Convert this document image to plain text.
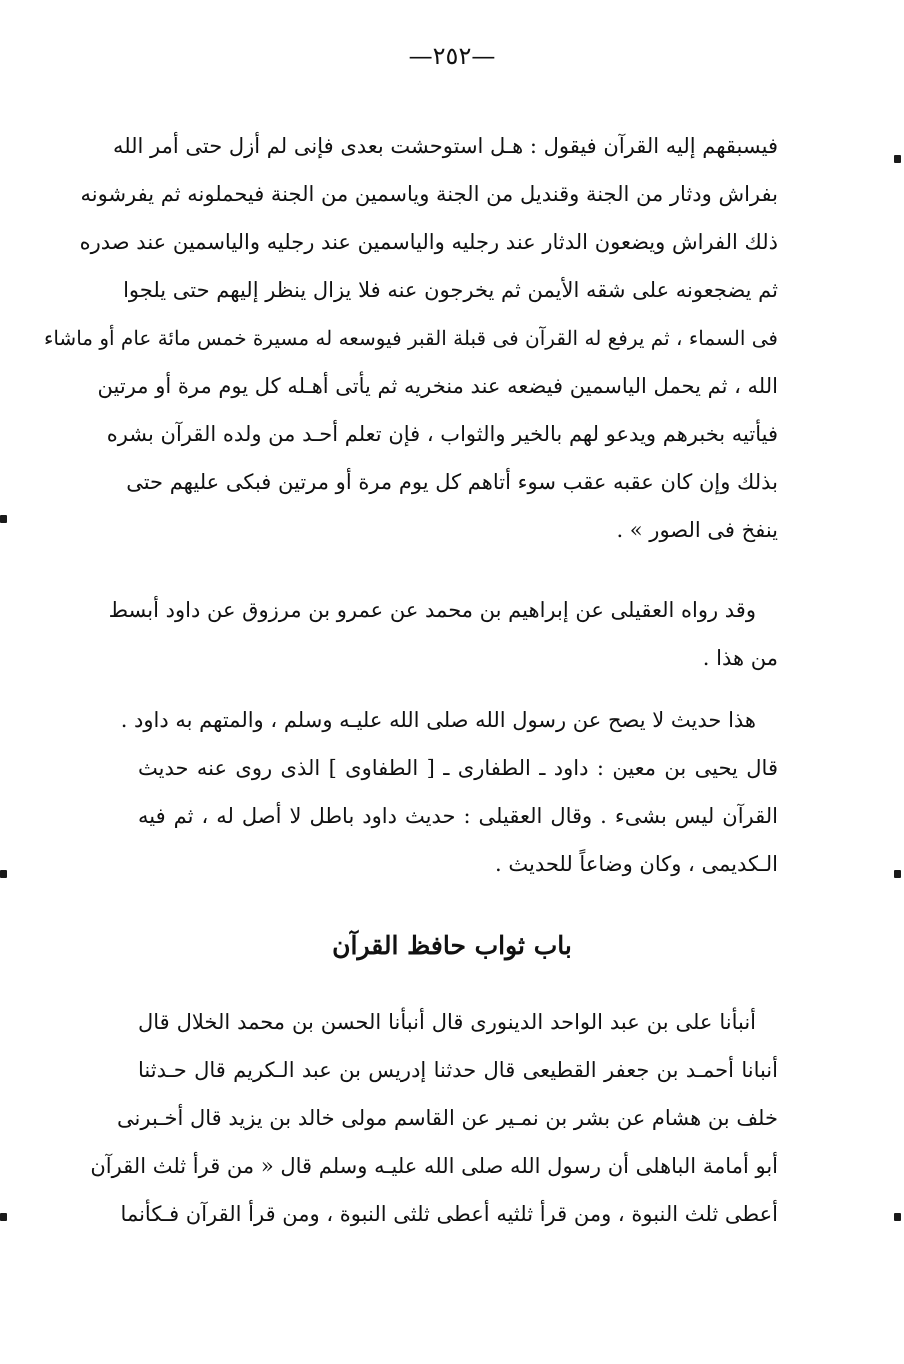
—٢٥٢—
فيسبقهم إليه القرآن فيقول : هـل استوحشت بعدى فإنى لم أزل حتى أمر الله
بفراش ودثار من الجنة وقنديل من الجنة وياسمين من الجنة فيحملونه ثم يفرشونه
ذلك الفراش ويضعون الدثار عند رجليه والياسمين عند رجليه والياسمين عند صدره
ثم يضجعونه على شقه الأيمن ثم يخرجون عنه فلا يزال ينظر إليهم حتى يلجوا
فى السماء ، ثم يرفع له القرآن فى قبلة القبر فيوسعه له مسيرة خمس مائة عام أو ماشاء
الله ، ثم يحمل الياسمين فيضعه عند منخريه ثم يأتى أهـله كل يوم مرة أو مرتين
فيأتيه بخبرهم ويدعو لهم بالخير والثواب ، فإن تعلم أحـد من ولده القرآن بشره
بذلك وإن كان عقبه عقب سوء أتاهم كل يوم مرة أو مرتين فبكى عليهم حتى
ينفخ فى الصور » .
وقد رواه العقيلى عن إبراهيم بن محمد عن عمرو بن مرزوق عن داود أبسط
من هذا .
هذا حديث لا يصح عن رسول الله صلى الله عليـه وسلم ، والمتهم به داود .
قال يحيى بن معين : داود ـ الطفارى ـ [ الطفاوى ] الذى روى عنه حديث
القرآن ليس بشىء . وقال العقيلى : حديث داود باطل لا أصل له ، ثم فيه
الـكديمى ، وكان وضاعاً للحديث .
باب ثواب حافظ القرآن
أنبأنا على بن عبد الواحد الدينورى قال أنبأنا الحسن بن محمد الخلال قال
أنبانا أحمـد بن جعفر القطيعى قال حدثنا إدريس بن عبد الـكريم قال حـدثنا
خلف بن هشام عن بشر بن نمـير عن القاسم مولى خالد بن يزيد قال أخـبرنى
أبو أمامة الباهلى أن رسول الله صلى الله عليـه وسلم قال « من قرأ ثلث القرآن
أعطى ثلث النبوة ، ومن قرأ ثلثيه أعطى ثلثى النبوة ، ومن قرأ القرآن فـكأنما
